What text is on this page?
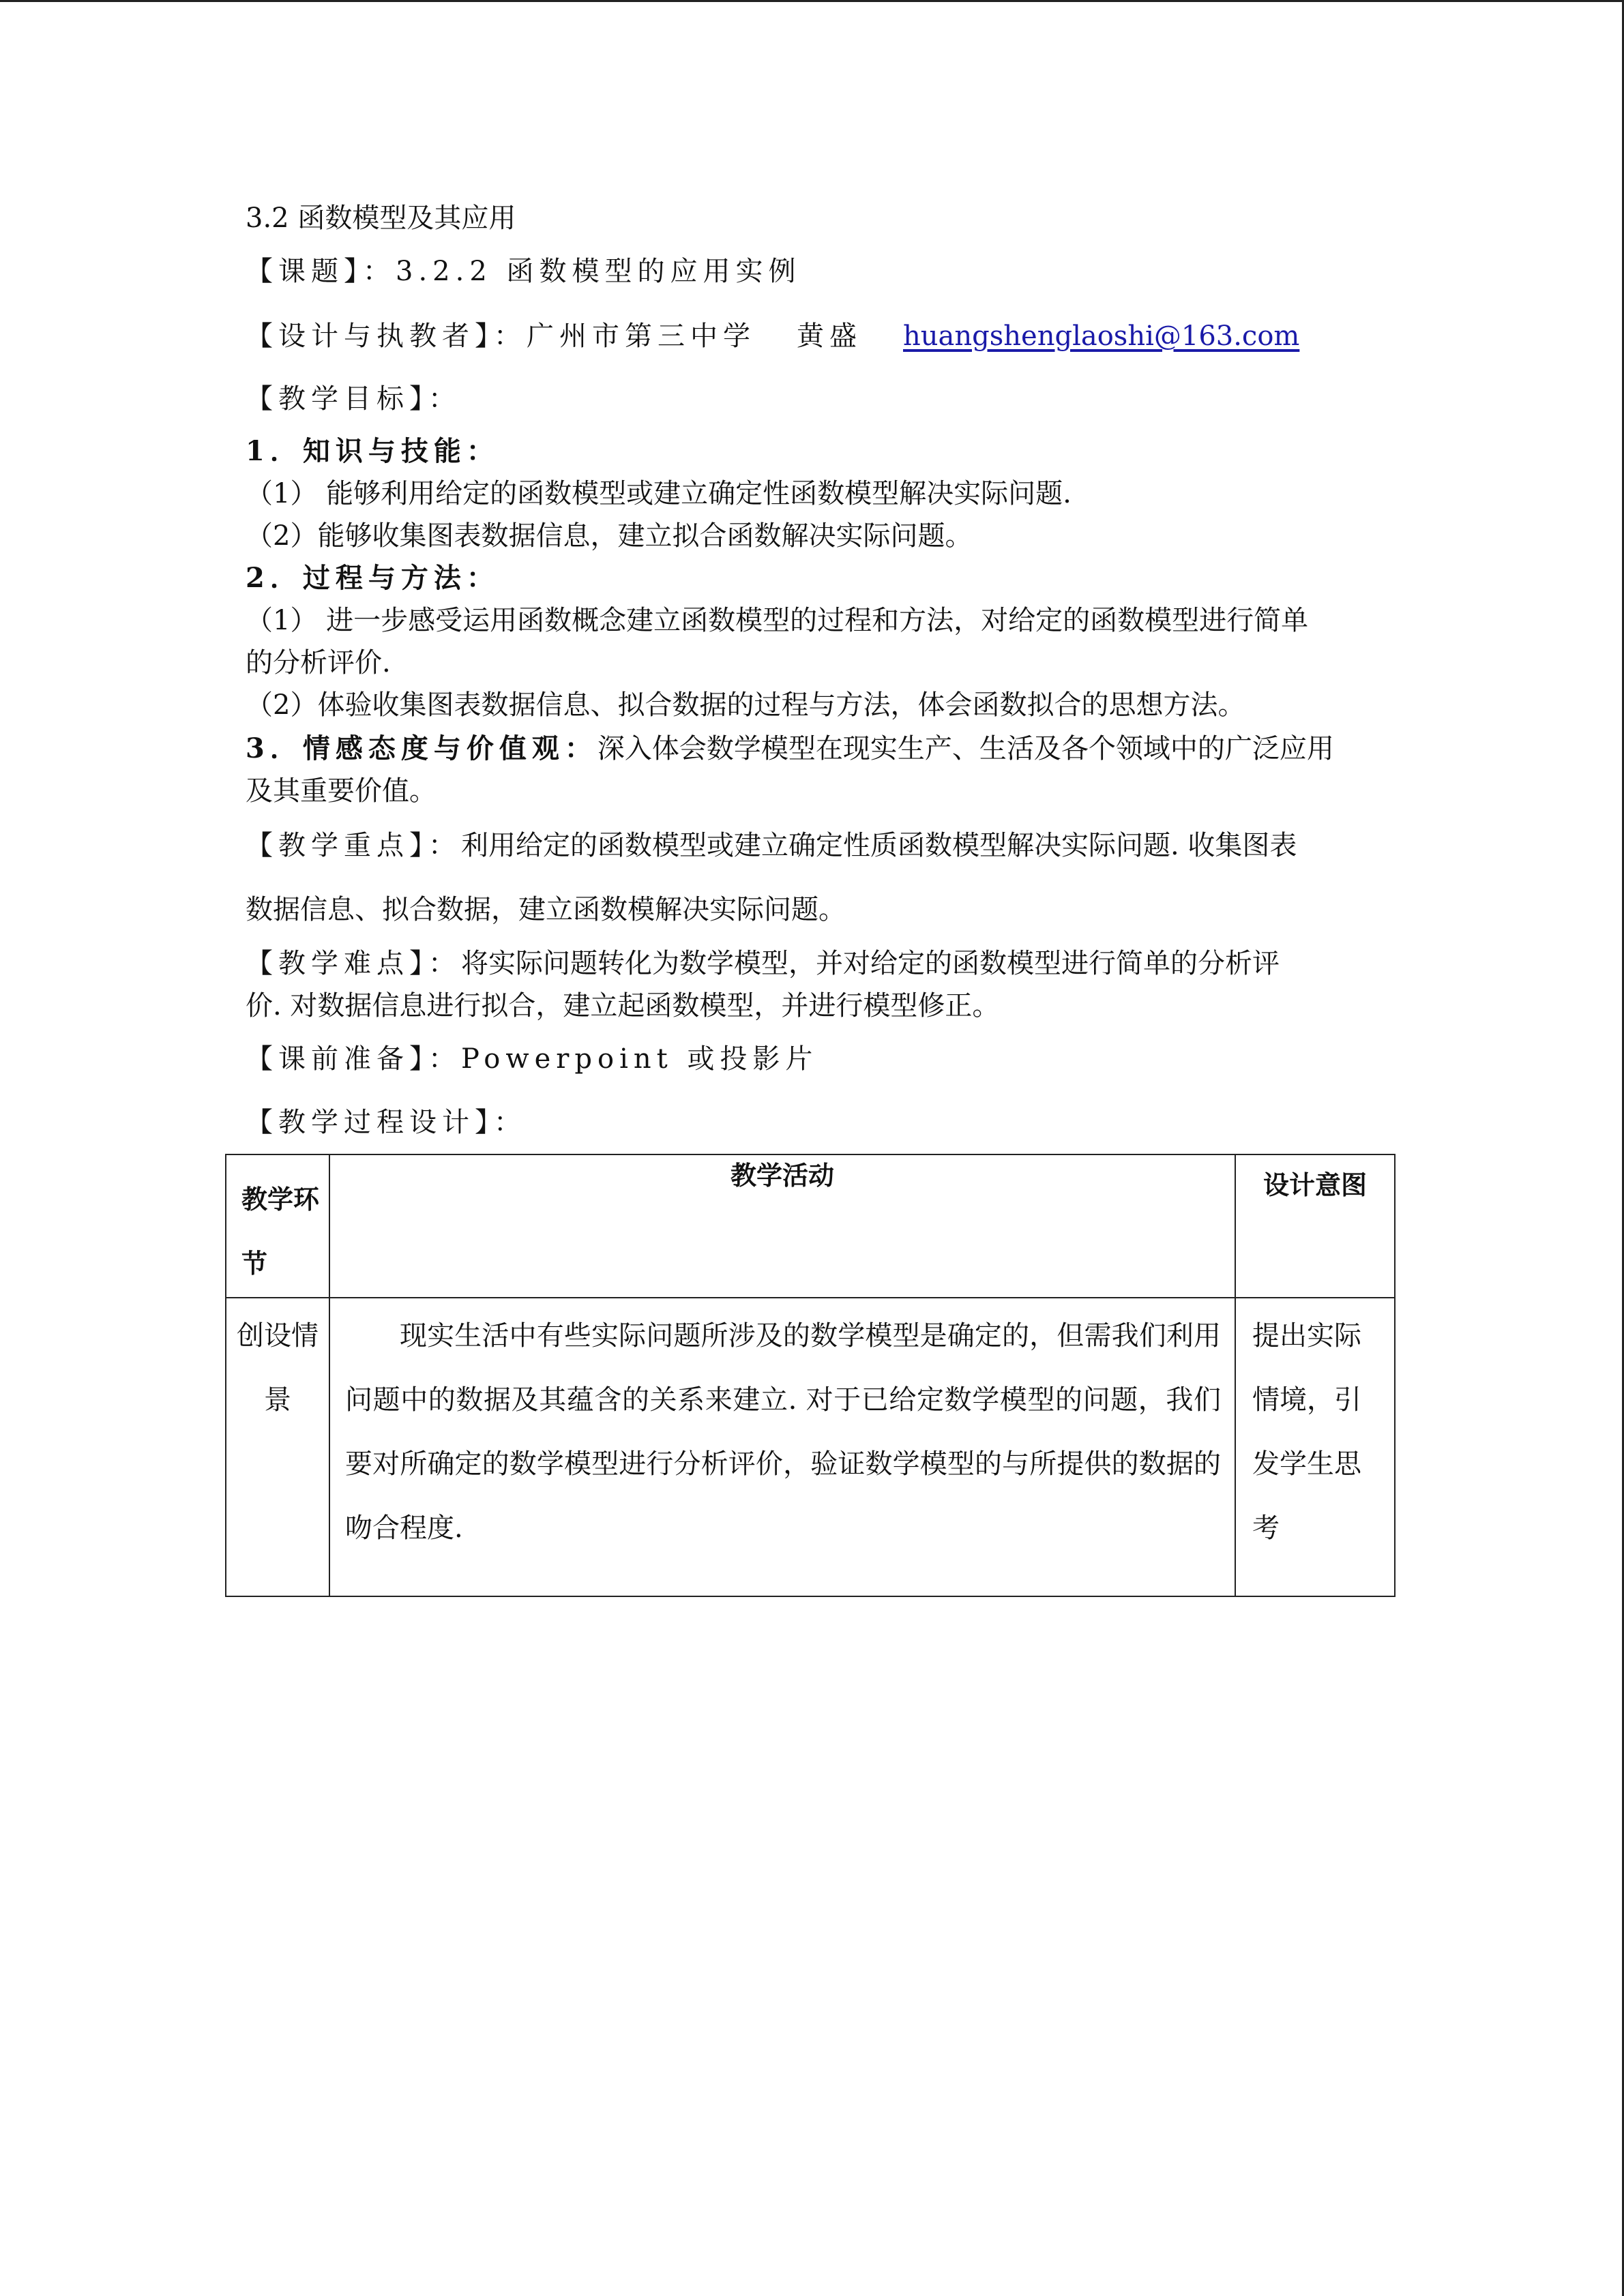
3.2 函数模型及其应用
【课题】：3.2.2 函数模型的应用实例
【设计与执教者】：广州市第三中学 黄盛 huangshenglaoshi@163.com
【教学目标】：
1．知识与技能：
（1） 能够利用给定的函数模型或建立确定性函数模型解决实际问题.
（2）能够收集图表数据信息，建立拟合函数解决实际问题。
2．过程与方法：
（1） 进一步感受运用函数概念建立函数模型的过程和方法，对给定的函数模型进行简单
的分析评价.
（2）体验收集图表数据信息、拟合数据的过程与方法，体会函数拟合的思想方法。
3．情感态度与价值观：深入体会数学模型在现实生产、生活及各个领域中的广泛应用
及其重要价值。
【教学重点】：利用给定的函数模型或建立确定性质函数模型解决实际问题. 收集图表
数据信息、拟合数据，建立函数模解决实际问题。
【教学难点】：将实际问题转化为数学模型，并对给定的函数模型进行简单的分析评
价. 对数据信息进行拟合，建立起函数模型，并进行模型修正。
【课前准备】：Powerpoint 或投影片
【教学过程设计】：
教学环节	教学活动	设计意图
创设情景	现实生活中有些实际问题所涉及的数学模型是确定的，但需我们利用问题中的数据及其蕴含的关系来建立. 对于已给定数学模型的问题，我们要对所确定的数学模型进行分析评价，验证数学模型的与所提供的数据的吻合程度.	提出实际情境，引发学生思考
